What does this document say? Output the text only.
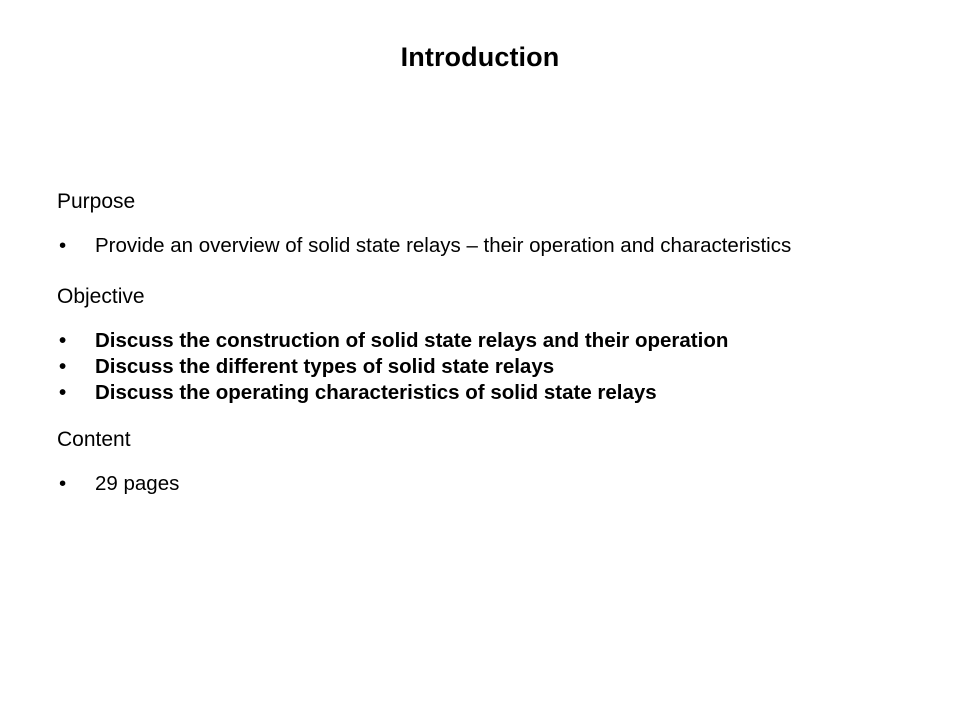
Introduction

Purpose

• Provide an overview of solid state relays – their operation and characteristics

Objective

• Discuss the construction of solid state relays and their operation
• Discuss the different types of solid state relays
• Discuss the operating characteristics of solid state relays

Content

• 29 pages
